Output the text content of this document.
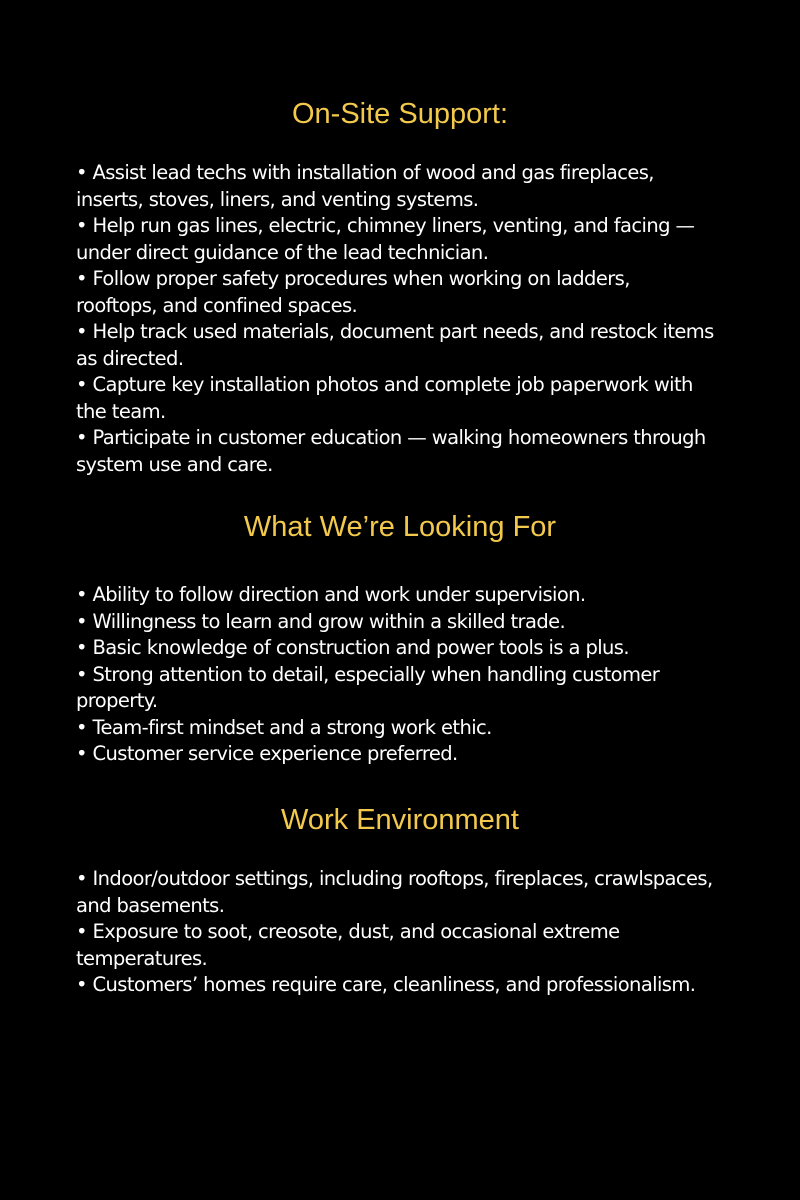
On-Site Support:
• Assist lead techs with installation of wood and gas fireplaces, inserts, stoves, liners, and venting systems.
• Help run gas lines, electric, chimney liners, venting, and facing — under direct guidance of the lead technician.
• Follow proper safety procedures when working on ladders, rooftops, and confined spaces.
• Help track used materials, document part needs, and restock items as directed.
• Capture key installation photos and complete job paperwork with the team.
• Participate in customer education — walking homeowners through system use and care.
What We’re Looking For
• Ability to follow direction and work under supervision.
• Willingness to learn and grow within a skilled trade.
• Basic knowledge of construction and power tools is a plus.
• Strong attention to detail, especially when handling customer property.
• Team-first mindset and a strong work ethic.
• Customer service experience preferred.
Work Environment
• Indoor/outdoor settings, including rooftops, fireplaces, crawlspaces, and basements.
• Exposure to soot, creosote, dust, and occasional extreme temperatures.
• Customers’ homes require care, cleanliness, and professionalism.
